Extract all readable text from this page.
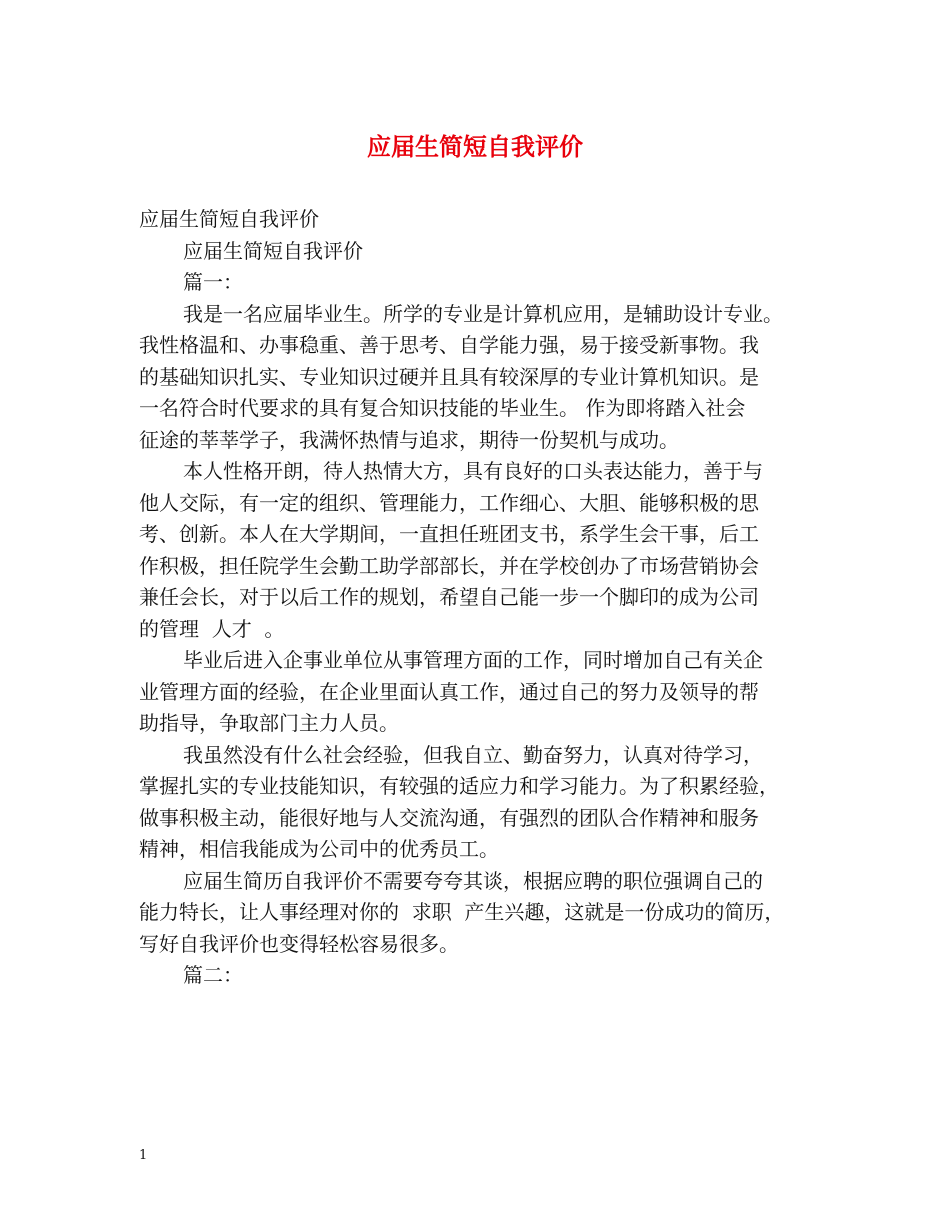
应届生简短自我评价

应届生简短自我评价

应届生简短自我评价

篇一：

我是一名应届毕业生。所学的专业是计算机应用，是辅助设计专业。

我性格温和、办事稳重、善于思考、自学能力强，易于接受新事物。我

的基础知识扎实、专业知识过硬并且具有较深厚的专业计算机知识。是

一名符合时代要求的具有复合知识技能的毕业生。 作为即将踏入社会

征途的莘莘学子，我满怀热情与追求，期待一份契机与成功。

本人性格开朗，待人热情大方，具有良好的口头表达能力，善于与

他人交际，有一定的组织、管理能力，工作细心、大胆、能够积极的思

考、创新。本人在大学期间，一直担任班团支书，系学生会干事，后工

作积极，担任院学生会勤工助学部部长，并在学校创办了市场营销协会

兼任会长，对于以后工作的规划，希望自己能一步一个脚印的成为公司

的管理  人才  。

毕业后进入企事业单位从事管理方面的工作，同时增加自己有关企

业管理方面的经验，在企业里面认真工作，通过自己的努力及领导的帮

助指导，争取部门主力人员。

我虽然没有什么社会经验，但我自立、勤奋努力，认真对待学习，

掌握扎实的专业技能知识，有较强的适应力和学习能力。为了积累经验，

做事积极主动，能很好地与人交流沟通，有强烈的团队合作精神和服务

精神，相信我能成为公司中的优秀员工。

应届生简历自我评价不需要夸夸其谈，根据应聘的职位强调自己的

能力特长，让人事经理对你的  求职  产生兴趣，这就是一份成功的简历，

写好自我评价也变得轻松容易很多。

篇二：

1
